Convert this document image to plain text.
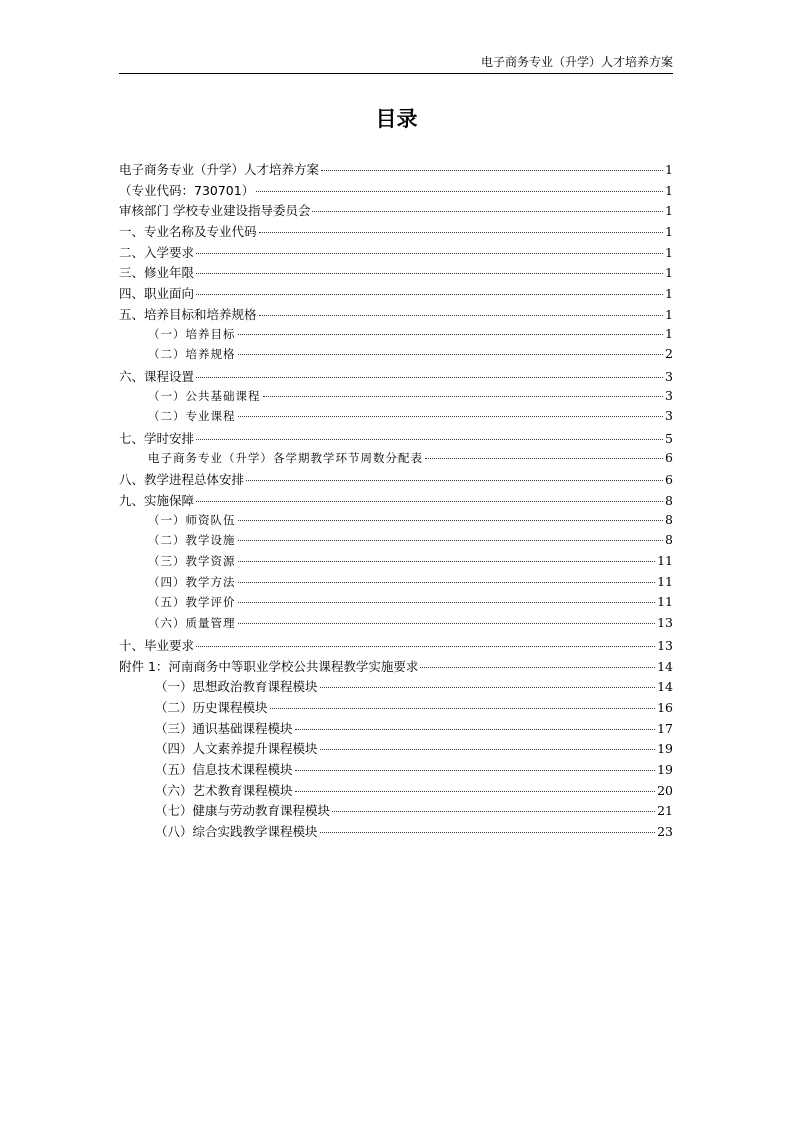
电子商务专业（升学）人才培养方案
目录
电子商务专业（升学）人才培养方案	1
（专业代码：730701）	1
审核部门 学校专业建设指导委员会	1
一、专业名称及专业代码	1
二、入学要求	1
三、修业年限	1
四、职业面向	1
五、培养目标和培养规格	1
（一）培养目标	1
（二）培养规格	2
六、课程设置	3
（一）公共基础课程	3
（二）专业课程	3
七、学时安排	5
电子商务专业（升学）各学期教学环节周数分配表	6
八、教学进程总体安排	6
九、实施保障	8
（一）师资队伍	8
（二）教学设施	8
（三）教学资源	11
（四）教学方法	11
（五）教学评价	11
（六）质量管理	13
十、毕业要求	13
附件 1：河南商务中等职业学校公共课程教学实施要求	14
（一）思想政治教育课程模块	14
（二）历史课程模块	16
（三）通识基础课程模块	17
（四）人文素养提升课程模块	19
（五）信息技术课程模块	19
（六）艺术教育课程模块	20
（七）健康与劳动教育课程模块	21
（八）综合实践教学课程模块	23
